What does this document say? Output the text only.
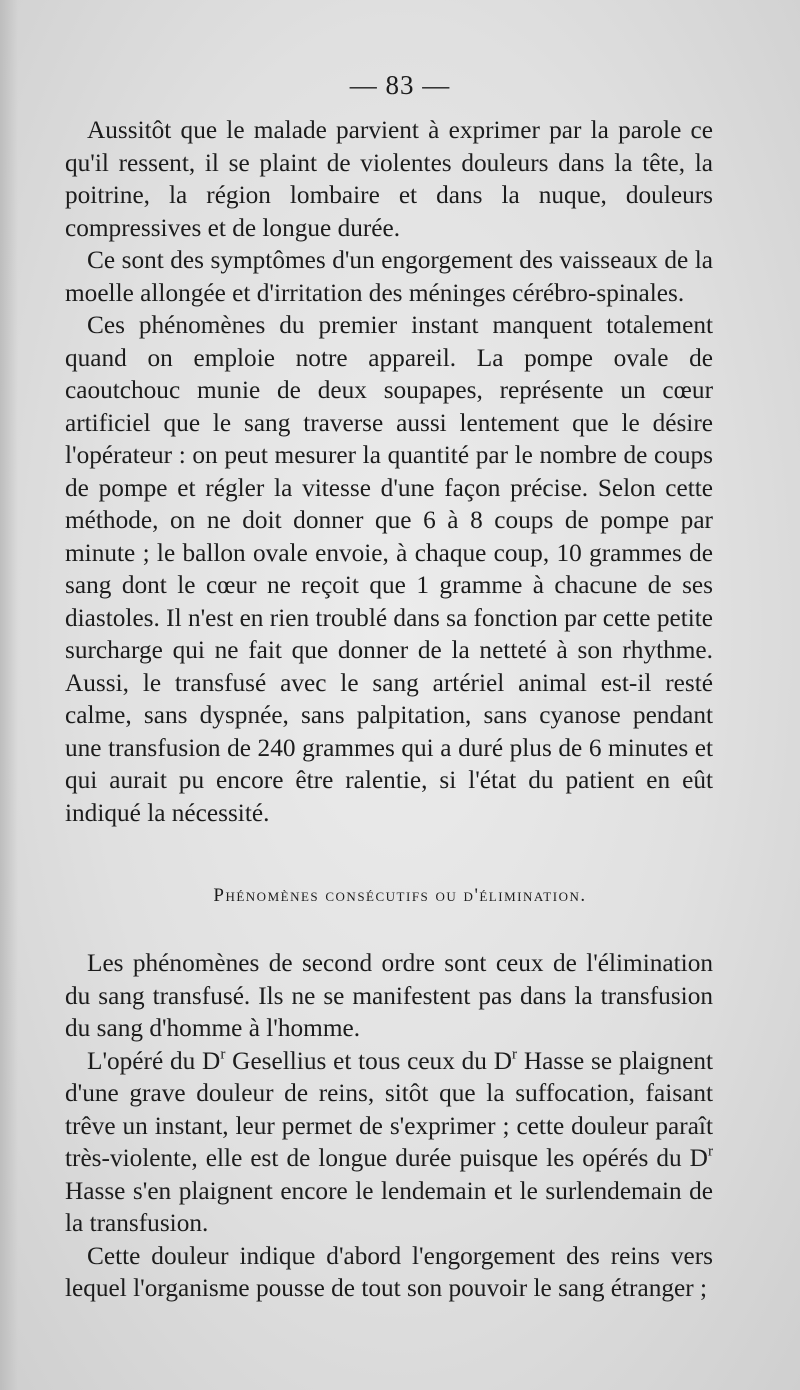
— 83 —

Aussitôt que le malade parvient à exprimer par la parole ce qu'il ressent, il se plaint de violentes douleurs dans la tête, la poitrine, la région lombaire et dans la nuque, douleurs compressives et de longue durée.

Ce sont des symptômes d'un engorgement des vaisseaux de la moelle allongée et d'irritation des méninges cérébro-spinales.

Ces phénomènes du premier instant manquent totalement quand on emploie notre appareil. La pompe ovale de caoutchouc munie de deux soupapes, représente un cœur artificiel que le sang traverse aussi lentement que le désire l'opérateur : on peut mesurer la quantité par le nombre de coups de pompe et régler la vitesse d'une façon précise. Selon cette méthode, on ne doit donner que 6 à 8 coups de pompe par minute ; le ballon ovale envoie, à chaque coup, 10 grammes de sang dont le cœur ne reçoit que 1 gramme à chacune de ses diastoles. Il n'est en rien troublé dans sa fonction par cette petite surcharge qui ne fait que donner de la netteté à son rhythme. Aussi, le transfusé avec le sang artériel animal est-il resté calme, sans dyspnée, sans palpitation, sans cyanose pendant une transfusion de 240 grammes qui a duré plus de 6 minutes et qui aurait pu encore être ralentie, si l'état du patient en eût indiqué la nécessité.

Phénomènes consécutifs ou d'élimination.

Les phénomènes de second ordre sont ceux de l'élimination du sang transfusé. Ils ne se manifestent pas dans la transfusion du sang d'homme à l'homme.

L'opéré du $D^r$ Gesellius et tous ceux du $D^r$ Hasse se plaignent d'une grave douleur de reins, sitôt que la suffocation, faisant trêve un instant, leur permet de s'exprimer ; cette douleur paraît très-violente, elle est de longue durée puisque les opérés du $D^r$ Hasse s'en plaignent encore le lendemain et le surlendemain de la transfusion.

Cette douleur indique d'abord l'engorgement des reins vers lequel l'organisme pousse de tout son pouvoir le sang étranger ;
